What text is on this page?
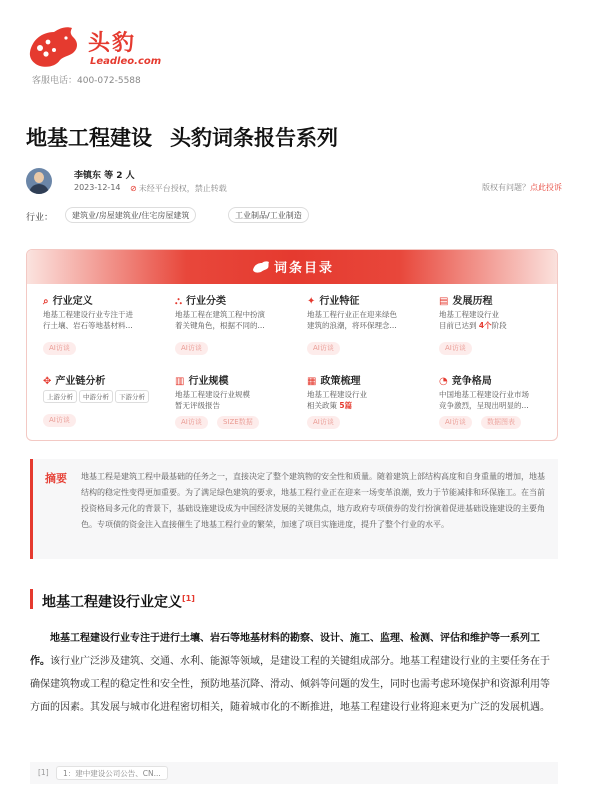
头豹
Leadleo.com
客服电话：400-072-5588
地基工程建设 头豹词条报告系列
李镇东 等 2 人
2023-12-14 ⊘ 未经平台授权，禁止转载	版权有问题？点此投诉
行业：	建筑业/房屋建筑业/住宅房屋建筑	工业制品/工业制造
词条目录
⌕ 行业定义
地基工程建设行业专注于进
行土壤、岩石等地基材料...
AI访谈
⛬ 行业分类
地基工程在建筑工程中扮演
着关键角色，根据不同的...
AI访谈
✦ 行业特征
地基工程行业正在迎来绿色
建筑的浪潮，将环保理念...
AI访谈
▤ 发展历程
地基工程建设行业
目前已达到 4个阶段
AI访谈
✥ 产业链分析
上游分析	中游分析	下游分析
AI访谈
▥ 行业规模
地基工程建设行业规模
暂无评级报告
AI访谈	SIZE数据
▦ 政策梳理
地基工程建设行业
相关政策 5篇
AI访谈
◔ 竞争格局
中国地基工程建设行业市场
竞争激烈，呈现出明显的...
AI访谈	数据图表
摘要 地基工程是建筑工程中最基础的任务之一，直接决定了整个建筑物的安全性和质量。随着建筑上部结构高度和自身重量的增加，地基结构的稳定性变得更加重要。为了满足绿色建筑的要求，地基工程行业正在迎来一场变革浪潮，致力于节能减排和环保施工。在当前投资格局多元化的背景下，基础设施建设成为中国经济发展的关键焦点，地方政府专项债券的发行扮演着促进基础设施建设的主要角色。专项债的资金注入直接催生了地基工程行业的繁荣，加速了项目实施进度，提升了整个行业的水平。
地基工程建设行业定义[1]
地基工程建设行业专注于进行土壤、岩石等地基材料的勘察、设计、施工、监理、检测、评估和维护等一系列工作。该行业广泛涉及建筑、交通、水利、能源等领域，是建设工程的关键组成部分。地基工程建设行业的主要任务在于确保建筑物或工程的稳定性和安全性，预防地基沉降、滑动、倾斜等问题的发生，同时也需考虑环境保护和资源利用等方面的因素。其发展与城市化进程密切相关，随着城市化的不断推进，地基工程建设行业将迎来更为广泛的发展机遇。
[1]	1：建中建设公司公告、CN...
